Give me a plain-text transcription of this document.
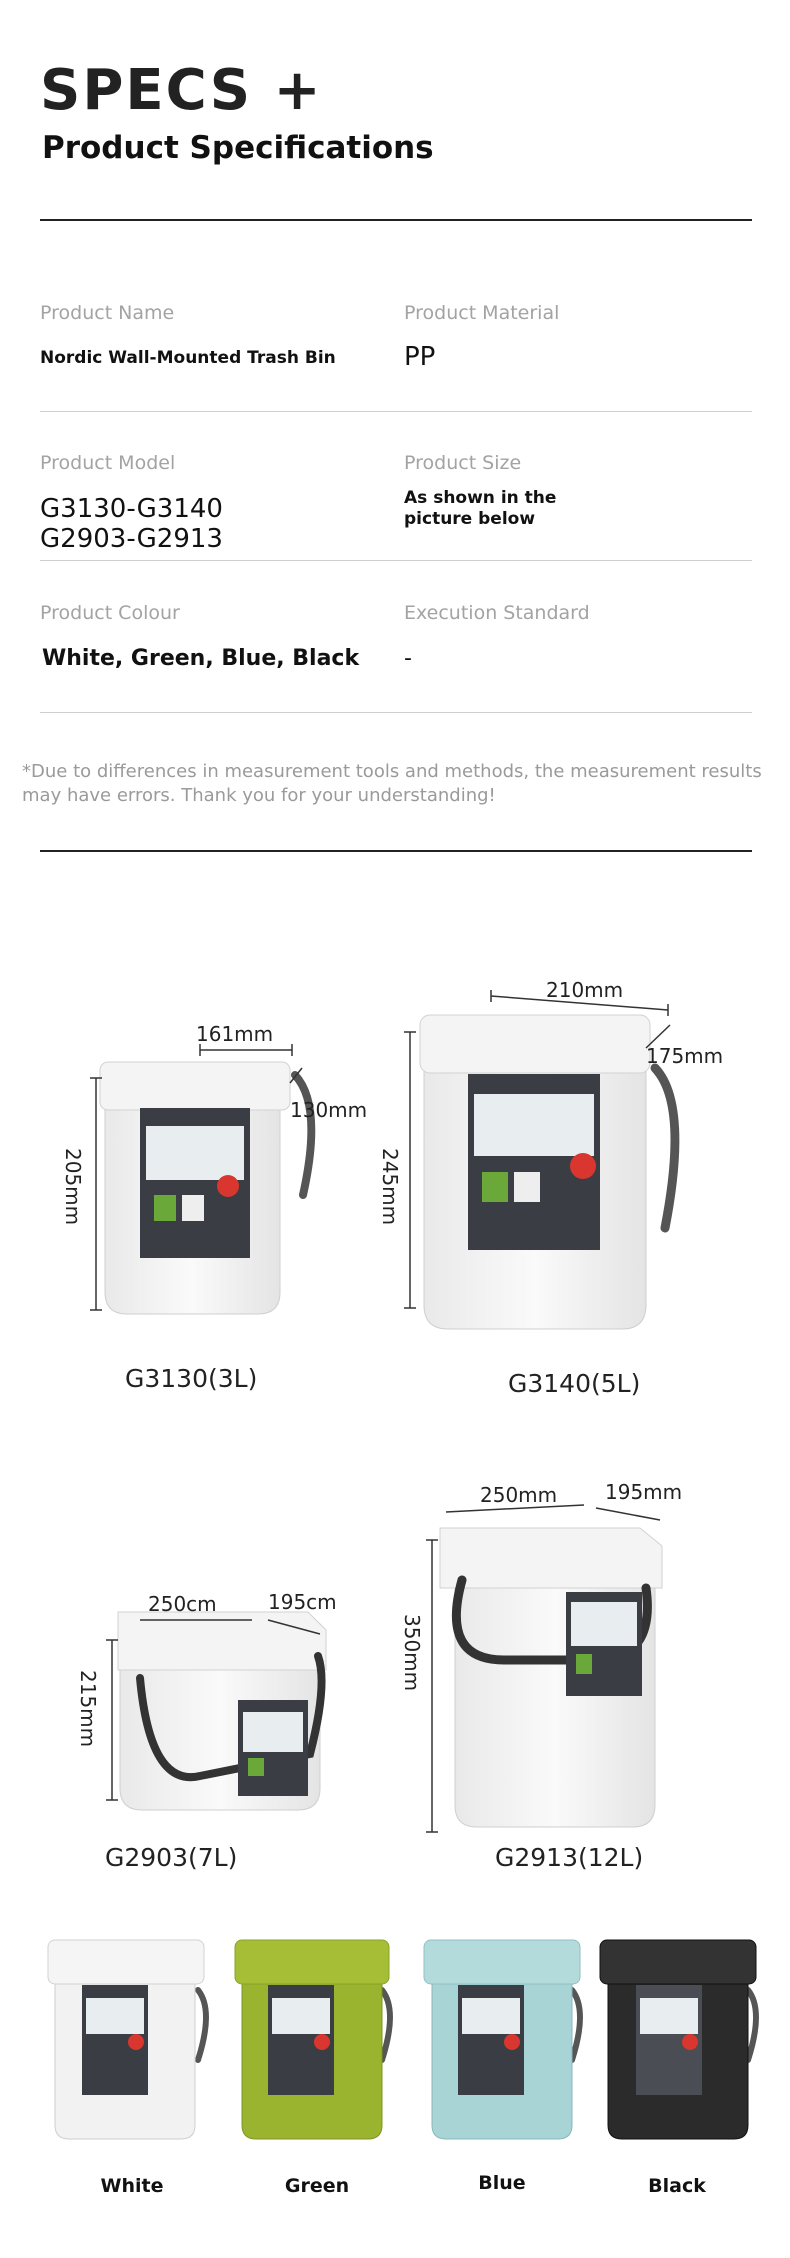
SPECS +
Product Specifications
Product Name
Nordic Wall-Mounted Trash Bin
Product Material
PP
Product Model
G3130-G3140
G2903-G2913
Product Size
As shown in the
picture below
Product Colour
White, Green, Blue, Black
Execution Standard
-
*Due to differences in measurement tools and methods, the measurement results may have errors. Thank you for your understanding!
161mm
130mm
205mm
G3130(3L)
210mm
175mm
245mm
G3140(5L)
250cm	195cm
215mm
G2903(7L)
250mm 195mm
350mm
G2913(12L)
White	Green	Blue	Black
